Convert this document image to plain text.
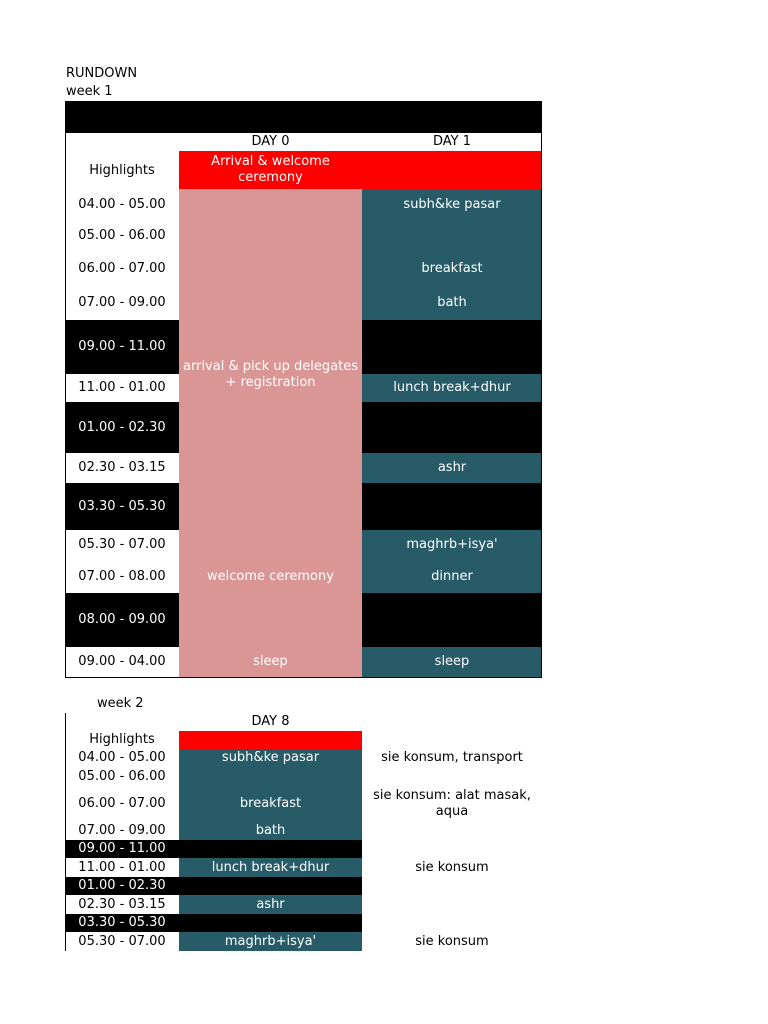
RUNDOWN
week 1
DAY 0	DAY 1
Highlights
Arrival & welcome ceremony
04.00 - 05.00
05.00 - 06.00
06.00 - 07.00
07.00 - 09.00
09.00 - 11.00
11.00 - 01.00
01.00 - 02.30
02.30 - 03.15
03.30 - 05.30
05.30 - 07.00
07.00 - 08.00
08.00 - 09.00
09.00 - 04.00
arrival & pick up delegates + registration
welcome ceremony
sleep
subh&ke pasar
breakfast
bath
lunch break+dhur
ashr
maghrb+isya'
dinner
sleep
week 2
DAY 8
Highlights
04.00 - 05.00
05.00 - 06.00
06.00 - 07.00
07.00 - 09.00
09.00 - 11.00
11.00 - 01.00
01.00 - 02.30
02.30 - 03.15
03.30 - 05.30
05.30 - 07.00
subh&ke pasar
breakfast
bath
lunch break+dhur
ashr
maghrb+isya'
sie konsum, transport
sie konsum: alat masak, aqua
sie konsum
sie konsum
